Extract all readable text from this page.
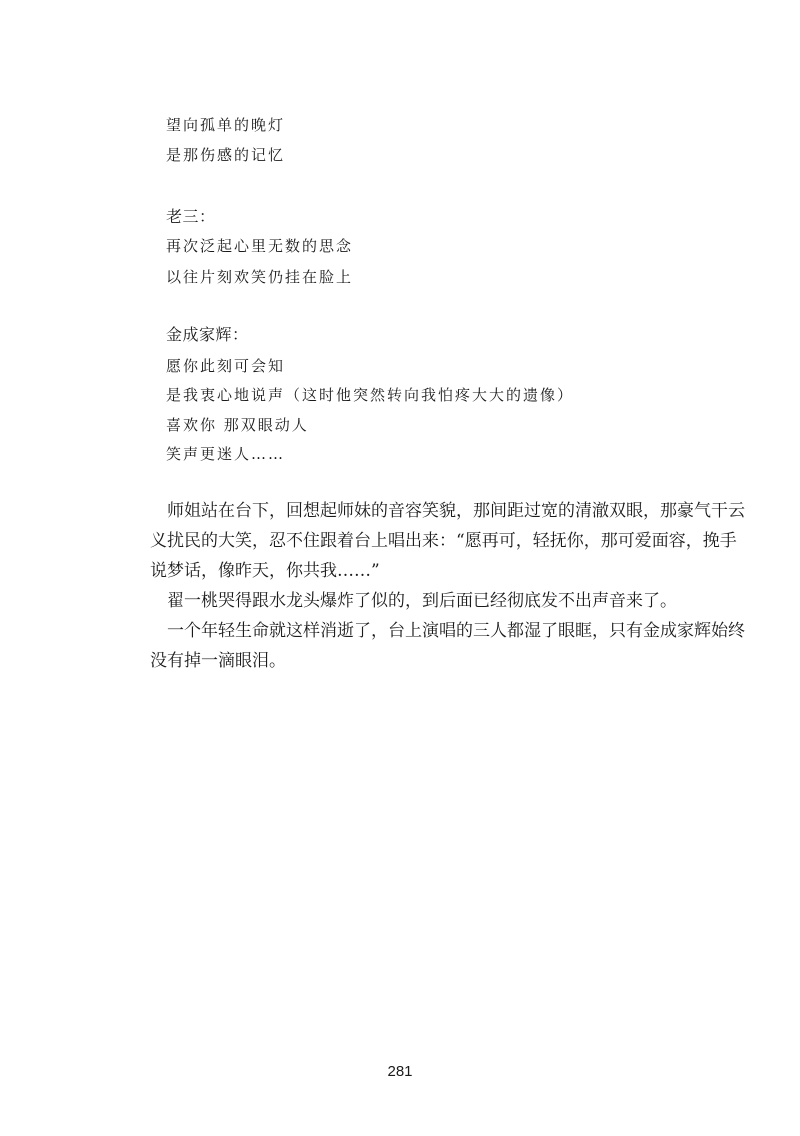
望向孤单的晚灯
是那伤感的记忆
老三：
再次泛起心里无数的思念
以往片刻欢笑仍挂在脸上
金成家辉：
愿你此刻可会知
是我衷心地说声（这时他突然转向我怕疼大大的遗像）
喜欢你 那双眼动人
笑声更迷人……

师姐站在台下，回想起师妹的音容笑貌，那间距过宽的清澈双眼，那豪气干云义扰民的大笑，忍不住跟着台上唱出来：“愿再可，轻抚你，那可爱面容，挽手说梦话，像昨天，你共我……”

翟一桃哭得跟水龙头爆炸了似的，到后面已经彻底发不出声音来了。

一个年轻生命就这样消逝了，台上演唱的三人都湿了眼眶，只有金成家辉始终没有掉一滴眼泪。

281
